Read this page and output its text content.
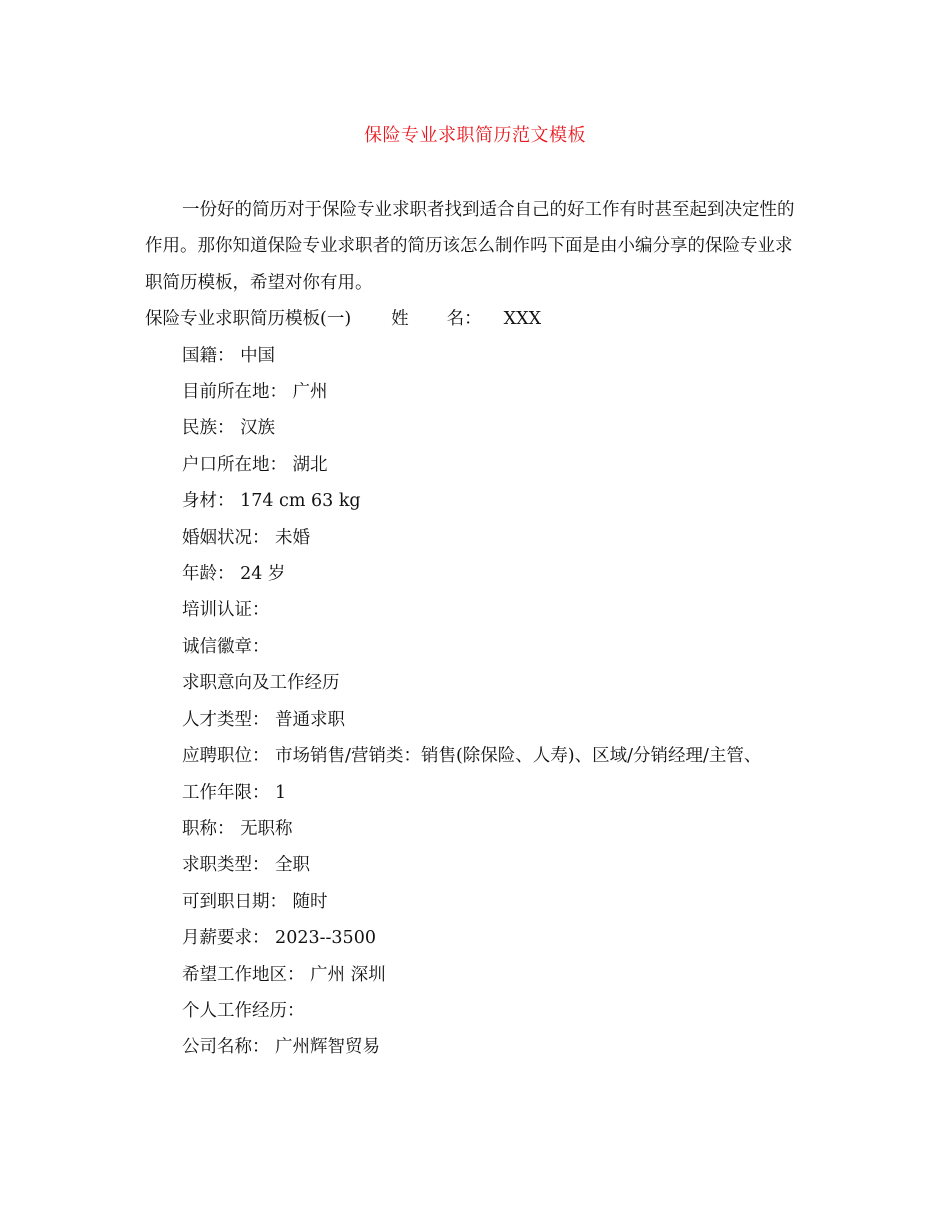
保险专业求职简历范文模板

一份好的简历对于保险专业求职者找到适合自己的好工作有时甚至起到决定性的作用。那你知道保险专业求职者的简历该怎么制作吗下面是由小编分享的保险专业求职简历模板，希望对你有用。

保险专业求职简历模板(一) 姓 名： XXX

国籍： 中国

目前所在地： 广州

民族： 汉族

户口所在地： 湖北

身材： 174 cm 63 kg

婚姻状况： 未婚

年龄： 24 岁

培训认证：

诚信徽章：

求职意向及工作经历

人才类型： 普通求职

应聘职位： 市场销售/营销类：销售(除保险、人寿)、区域/分销经理/主管、

工作年限： 1

职称： 无职称

求职类型： 全职

可到职日期： 随时

月薪要求： 2023--3500

希望工作地区： 广州 深圳

个人工作经历：

公司名称： 广州辉智贸易
